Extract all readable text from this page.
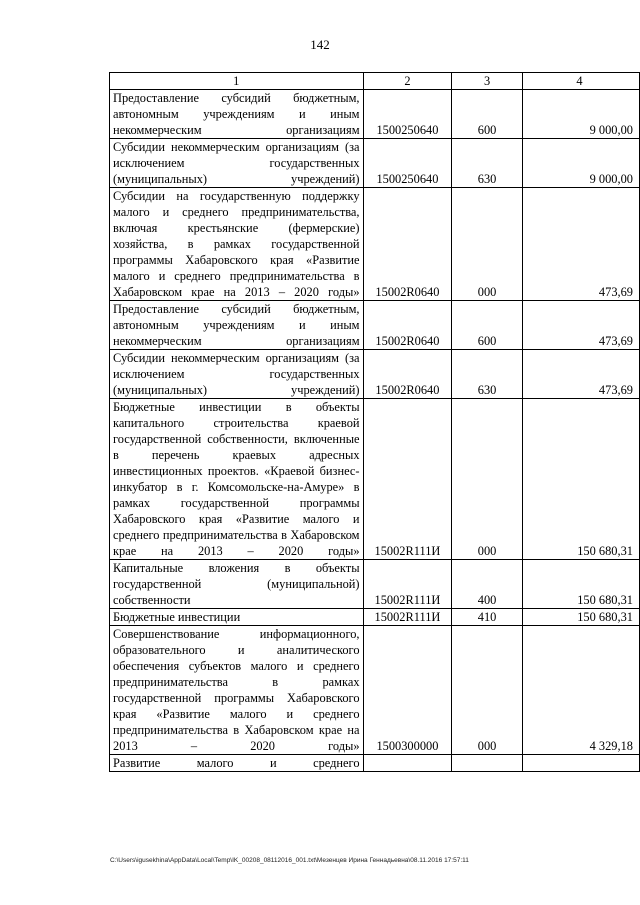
142
1	2	3	4
Предоставление субсидий бюджетным, автономным учреждениям и иным некоммерческим организациям	1500250640	600	9 000,00
Субсидии некоммерческим организациям (за исключением государственных (муниципальных) учреждений)	1500250640	630	9 000,00
Субсидии на государственную поддержку малого и среднего предпринимательства, включая крестьянские (фермерские) хозяйства, в рамках государственной программы Хабаровского края «Развитие малого и среднего предпринимательства в Хабаровском крае на 2013 – 2020 годы»	15002R0640	000	473,69
Предоставление субсидий бюджетным, автономным учреждениям и иным некоммерческим организациям	15002R0640	600	473,69
Субсидии некоммерческим организациям (за исключением государственных (муниципальных) учреждений)	15002R0640	630	473,69
Бюджетные инвестиции в объекты капитального строительства краевой государственной собственности, включенные в перечень краевых адресных инвестиционных проектов. «Краевой бизнес-инкубатор в г. Комсомольске-на-Амуре» в рамках государственной программы Хабаровского края «Развитие малого и среднего предпринимательства в Хабаровском крае на 2013 – 2020 годы»	15002R111И	000	150 680,31
Капитальные вложения в объекты государственной (муниципальной) собственности	15002R111И	400	150 680,31
Бюджетные инвестиции	15002R111И	410	150 680,31
Совершенствование информационного, образовательного и аналитического обеспечения субъектов малого и среднего предпринимательства в рамках государственной программы Хабаровского края «Развитие малого и среднего предпринимательства в Хабаровском крае на 2013 – 2020 годы»	1500300000	000	4 329,18
Развитие малого и среднего			
C:\Users\igusekhina\AppData\Local\Temp\IK_00208_08112016_001.txt\Мезенцев Ирина Геннадьевна\08.11.2016 17:57:11
